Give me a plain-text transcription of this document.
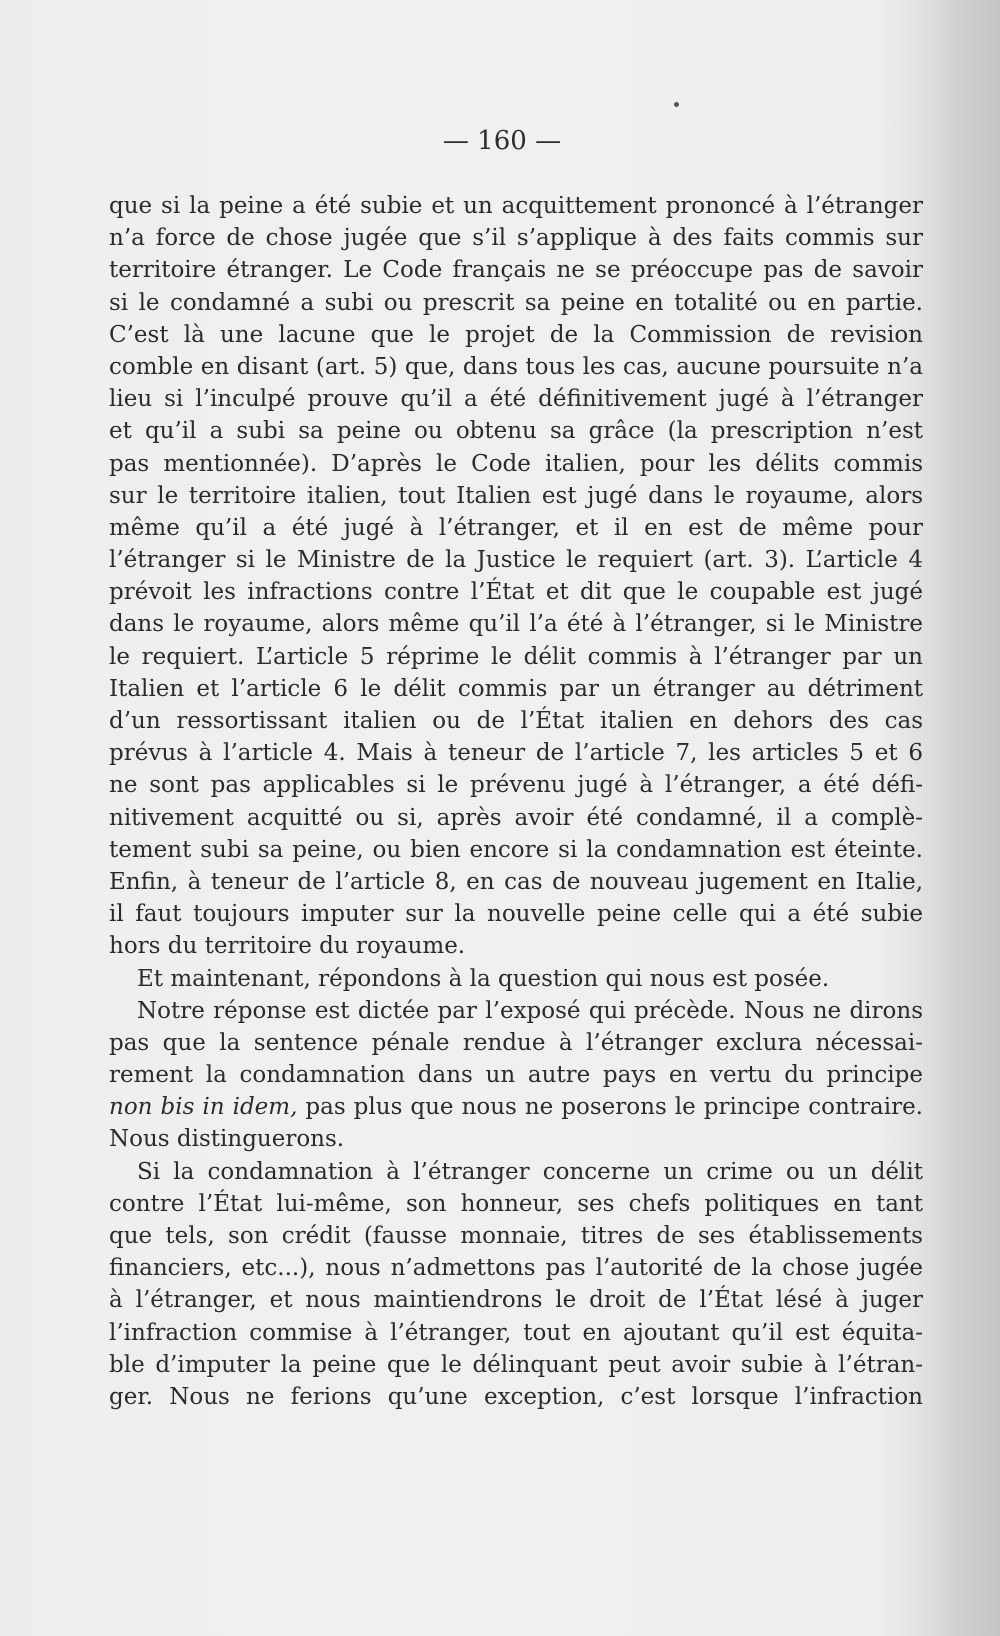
— 160 —
que si la peine a été subie et un acquittement prononcé à l’étranger
n’a force de chose jugée que s’il s’applique à des faits commis sur
territoire étranger. Le Code français ne se préoccupe pas de savoir
si le condamné a subi ou prescrit sa peine en totalité ou en partie.
C’est là une lacune que le projet de la Commission de revision
comble en disant (art. 5) que, dans tous les cas, aucune poursuite n’a
lieu si l’inculpé prouve qu’il a été définitivement jugé à l’étranger
et qu’il a subi sa peine ou obtenu sa grâce (la prescription n’est
pas mentionnée). D’après le Code italien, pour les délits commis
sur le territoire italien, tout Italien est jugé dans le royaume, alors
même qu’il a été jugé à l’étranger, et il en est de même pour
l’étranger si le Ministre de la Justice le requiert (art. 3). L’article 4
prévoit les infractions contre l’État et dit que le coupable est jugé
dans le royaume, alors même qu’il l’a été à l’étranger, si le Ministre
le requiert. L’article 5 réprime le délit commis à l’étranger par un
Italien et l’article 6 le délit commis par un étranger au détriment
d’un ressortissant italien ou de l’État italien en dehors des cas
prévus à l’article 4. Mais à teneur de l’article 7, les articles 5 et 6
ne sont pas applicables si le prévenu jugé à l’étranger, a été défi-
nitivement acquitté ou si, après avoir été condamné, il a complè-
tement subi sa peine, ou bien encore si la condamnation est éteinte.
Enfin, à teneur de l’article 8, en cas de nouveau jugement en Italie,
il faut toujours imputer sur la nouvelle peine celle qui a été subie
hors du territoire du royaume.
Et maintenant, répondons à la question qui nous est posée.
Notre réponse est dictée par l’exposé qui précède. Nous ne dirons
pas que la sentence pénale rendue à l’étranger exclura nécessai-
rement la condamnation dans un autre pays en vertu du principe
non bis in idem, pas plus que nous ne poserons le principe contraire.
Nous distinguerons.
Si la condamnation à l’étranger concerne un crime ou un délit
contre l’État lui-même, son honneur, ses chefs politiques en tant
que tels, son crédit (fausse monnaie, titres de ses établissements
financiers, etc...), nous n’admettons pas l’autorité de la chose jugée
à l’étranger, et nous maintiendrons le droit de l’État lésé à juger
l’infraction commise à l’étranger, tout en ajoutant qu’il est équita-
ble d’imputer la peine que le délinquant peut avoir subie à l’étran-
ger. Nous ne ferions qu’une exception, c’est lorsque l’infraction
